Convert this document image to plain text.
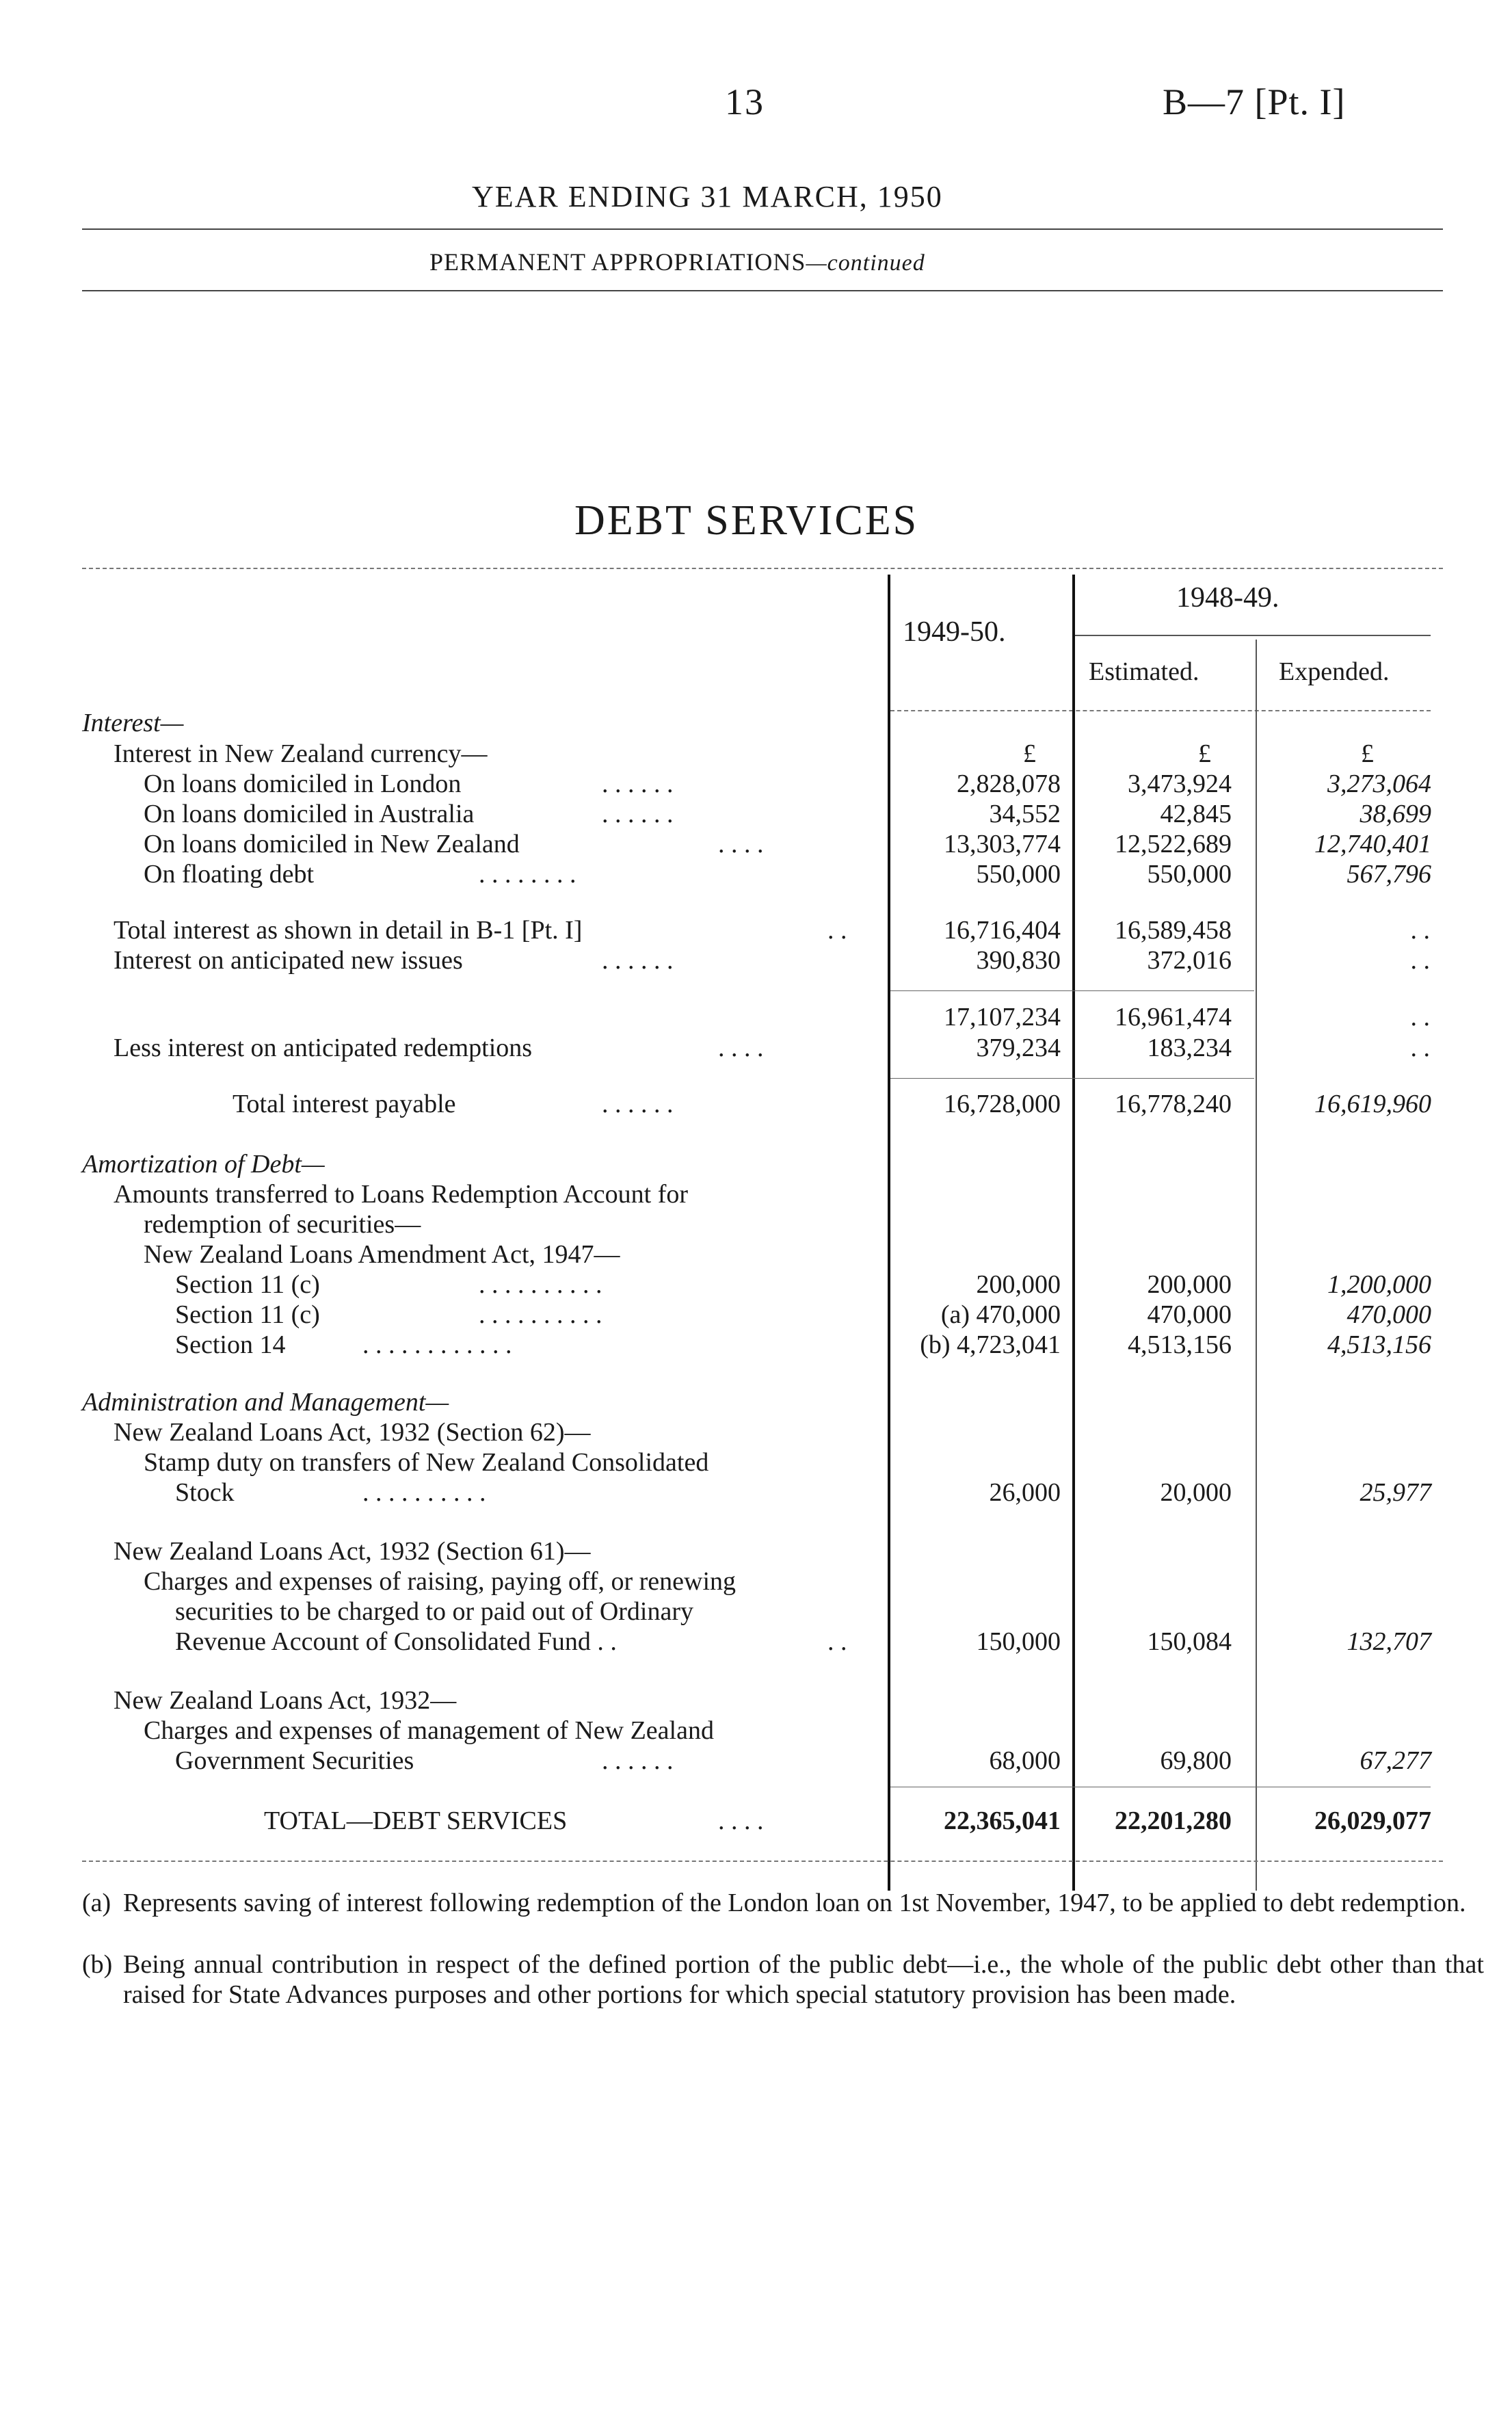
13	B—7 [Pt. I]
YEAR ENDING 31 MARCH, 1950
PERMANENT APPROPRIATIONS—continued
DEBT SERVICES
1949-50.
1948-49.
Estimated.	Expended.
Interest—
Interest in New Zealand currency—	£	£	£
On loans domiciled in London	. . . . . .	2,828,078	3,473,924	3,273,064
On loans domiciled in Australia	. . . . . .	34,552	42,845	38,699
On loans domiciled in New Zealand	. . . .	13,303,774 12,522,689	12,740,401
On floating debt	. . . . . . . .	550,000	550,000	567,796
Total interest as shown in detail in B-1 [Pt. I]	. .	16,716,404 16,589,458	. .
Interest on anticipated new issues	. . . . . .	390,830	372,016	. .
17,107,234 16,961,474	. .
Less interest on anticipated redemptions	. . . .	379,234	183,234	. .
Total interest payable	. . . . . .	16,728,000 16,778,240	16,619,960
Amortization of Debt—
Amounts transferred to Loans Redemption Account for
redemption of securities—
New Zealand Loans Amendment Act, 1947—
Section 11 (c)	. . . . . . . . . .	200,000	200,000	1,200,000
Section 11 (c)	. . . . . . . . . .	(a) 470,000	470,000	470,000
Section 14	. . . . . . . . . . . .	(b) 4,723,041	4,513,156	4,513,156
Administration and Management—
New Zealand Loans Act, 1932 (Section 62)—
Stamp duty on transfers of New Zealand Consolidated
Stock	. . . . . . . . . .	26,000	20,000	25,977
New Zealand Loans Act, 1932 (Section 61)—
Charges and expenses of raising, paying off, or renewing
securities to be charged to or paid out of Ordinary
Revenue Account of Consolidated Fund . .	. .	150,000	150,084	132,707
New Zealand Loans Act, 1932—
Charges and expenses of management of New Zealand
Government Securities	. . . . . .	68,000	69,800	67,277
TOTAL—DEBT SERVICES	. . . .	22,365,041 22,201,280	26,029,077
(a) Represents saving of interest following redemption of the London loan on 1st November, 1947, to be applied to debt redemption.
(b) Being annual contribution in respect of the defined portion of the public debt—i.e., the whole of the public debt other than that raised for State Advances purposes and other portions for which special statutory provision has been made.
